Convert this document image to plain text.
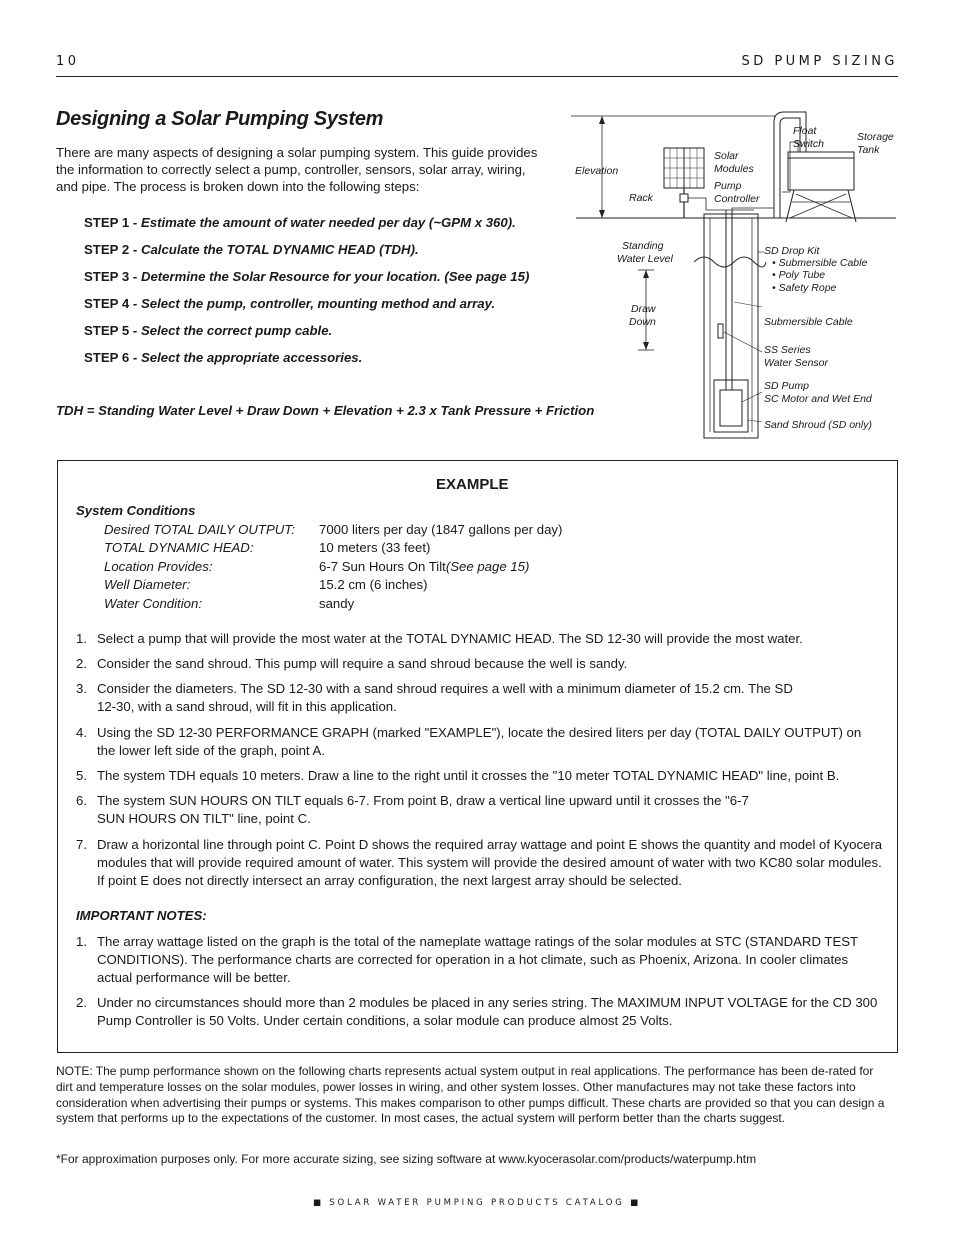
10	SD PUMP SIZING
Designing a Solar Pumping System
There are many aspects of designing a solar pumping system. This guide provides the information to correctly select a pump, controller, sensors, solar array, wiring, and pipe. The process is broken down into the following steps:
STEP 1 - Estimate the amount of water needed per day (~GPM x 360).
STEP 2 - Calculate the TOTAL DYNAMIC HEAD (TDH).
STEP 3 - Determine the Solar Resource for your location. (See page 15)
STEP 4 - Select the pump, controller, mounting method and array.
STEP 5 - Select the correct pump cable.
STEP 6 - Select the appropriate accessories.
TDH = Standing Water Level + Draw Down + Elevation + 2.3 x Tank Pressure + Friction
Float
Switch
Storage
Tank
Solar
Modules
Elevation
Pump
Controller
Rack
Standing
Water Level
SD Drop Kit
• Submersible Cable
• Poly Tube
• Safety Rope
Draw
Down	Submersible Cable
SS Series
Water Sensor
SD Pump
SC Motor and Wet End
Sand Shroud (SD only)
EXAMPLE
System Conditions
Desired TOTAL DAILY OUTPUT: 7000 liters per day (1847 gallons per day)
TOTAL DYNAMIC HEAD:	10 meters (33 feet)
Location Provides:	6-7 Sun Hours On Tilt(See page 15)
Well Diameter:	15.2 cm (6 inches)
Water Condition:	sandy
1. Select a pump that will provide the most water at the TOTAL DYNAMIC HEAD. The SD 12-30 will provide the most water.
2. Consider the sand shroud. This pump will require a sand shroud because the well is sandy.
3. Consider the diameters. The SD 12-30 with a sand shroud requires a well with a minimum diameter of 15.2 cm. The SD 12-30, with a sand shroud, will fit in this application.
4. Using the SD 12-30 PERFORMANCE GRAPH (marked "EXAMPLE"), locate the desired liters per day (TOTAL DAILY OUTPUT) on the lower left side of the graph, point A.
5. The system TDH equals 10 meters. Draw a line to the right until it crosses the "10 meter TOTAL DYNAMIC HEAD" line, point B.
6. The system SUN HOURS ON TILT equals 6-7. From point B, draw a vertical line upward until it crosses the "6-7 SUN HOURS ON TILT" line, point C.
7. Draw a horizontal line through point C. Point D shows the required array wattage and point E shows the quantity and model of Kyocera modules that will provide required amount of water. This system will provide the desired amount of water with two KC80 solar modules. If point E does not directly intersect an array configuration, the next largest array should be selected.
IMPORTANT NOTES:
1. The array wattage listed on the graph is the total of the nameplate wattage ratings of the solar modules at STC (STANDARD TEST CONDITIONS). The performance charts are corrected for operation in a hot climate, such as Phoenix, Arizona. In cooler climates actual performance will be better.
2. Under no circumstances should more than 2 modules be placed in any series string. The MAXIMUM INPUT VOLTAGE for the CD 300 Pump Controller is 50 Volts. Under certain conditions, a solar module can produce almost 25 Volts.
NOTE: The pump performance shown on the following charts represents actual system output in real applications. The performance has been de-rated for dirt and temperature losses on the solar modules, power losses in wiring, and other system losses. Other manufactures may not take these factors into consideration when advertising their pumps or systems. This makes comparison to other pumps difficult. These charts are provided so that you can design a system that performs up to the expectations of the customer. In most cases, the actual system will perform better than the charts suggest.
*For approximation purposes only. For more accurate sizing, see sizing software at www.kyocerasolar.com/products/waterpump.htm
■ SOLAR WATER PUMPING PRODUCTS CATALOG ■
